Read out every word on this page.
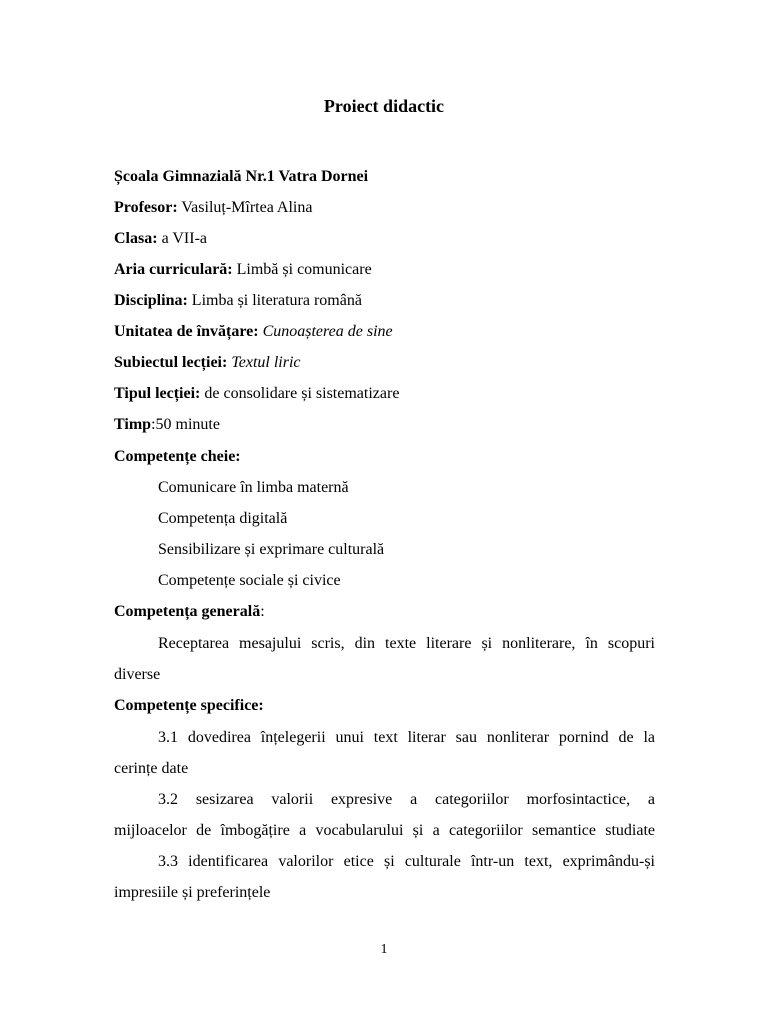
Proiect didactic
Școala Gimnazială Nr.1 Vatra Dornei
Profesor: Vasiluț-Mîrtea Alina
Clasa: a VII-a
Aria curriculară: Limbă și comunicare
Disciplina: Limba și literatura română
Unitatea de învățare: Cunoașterea de sine
Subiectul lecției: Textul liric
Tipul lecției: de consolidare și sistematizare
Timp:50 minute
Competențe cheie:
Comunicare în limba maternă
Competența digitală
Sensibilizare și exprimare culturală
Competențe sociale și civice
Competența generală:
Receptarea mesajului scris, din texte literare și nonliterare, în scopuri
diverse
Competențe specifice:
3.1 dovedirea înțelegerii unui text literar sau nonliterar pornind de la
cerințe date
3.2 sesizarea valorii expresive a categoriilor morfosintactice, a
mijloacelor de îmbogățire a vocabularului și a categoriilor semantice studiate
3.3 identificarea valorilor etice și culturale într-un text, exprimându-și
impresiile și preferințele
1
